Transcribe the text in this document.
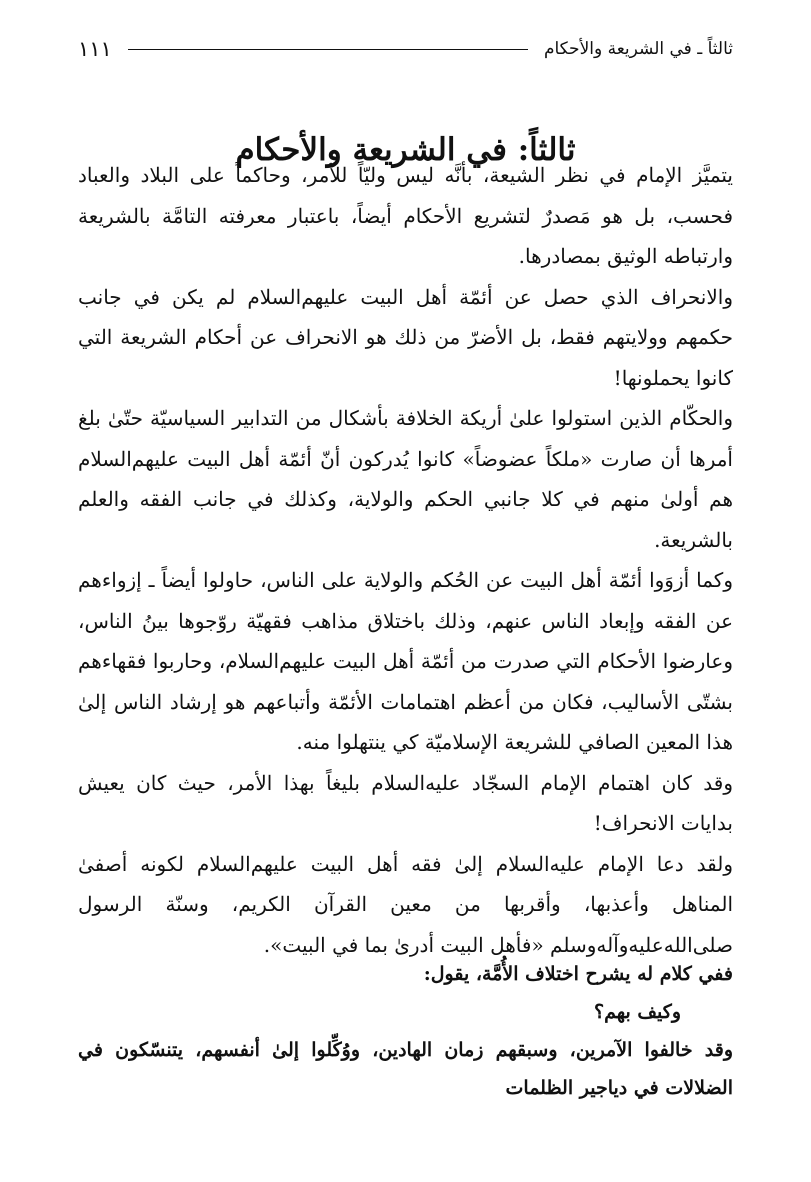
ثالثاً ـ في الشريعة والأحكام
١١١
ثالثاً: في الشريعة والأحكام

يتميَّز الإمام في نظر الشيعة، بأنَّه ليس وليّاً للأمر، وحاكماً على البلاد والعباد فحسب، بل هو مَصدرٌ لتشريع الأحكام أيضاً، باعتبار معرفته التامَّة بالشريعة وارتباطه الوثيق بمصادرها.

والانحراف الذي حصل عن أئمّة أهل البيت عليهم‌السلام لم يكن في جانب حكمهم وولايتهم فقط، بل الأضرّ من ذلك هو الانحراف عن أحكام الشريعة التي كانوا يحملونها!

والحكّام الذين استولوا علىٰ أريكة الخلافة بأشكال من التدابير السياسيّة حتّىٰ بلغ أمرها أن صارت «ملكاً عضوضاً» كانوا يُدركون أنّ أئمّة أهل البيت عليهم‌السلام هم أولىٰ منهم في كلا جانبي الحكم والولاية، وكذلك في جانب الفقه والعلم بالشريعة.

وكما أزوَوا أئمّة أهل البيت عن الحُكم والولاية على الناس، حاولوا أيضاً ـ إزواءهم عن الفقه وإبعاد الناس عنهم، وذلك باختلاق مذاهب فقهيّة روّجوها بينُ الناس، وعارضوا الأحكام التي صدرت من أئمّة أهل البيت عليهم‌السلام، وحاربوا فقهاءهم بشتّى الأساليب، فكان من أعظم اهتمامات الأئمّة وأتباعهم هو إرشاد الناس إلىٰ هذا المعين الصافي للشريعة الإسلاميّة كي ينتهلوا منه.

وقد كان اهتمام الإمام السجّاد عليه‌السلام بليغاً بهذا الأمر، حيث كان يعيش بدايات الانحراف!

ولقد دعا الإمام عليه‌السلام إلىٰ فقه أهل البيت عليهم‌السلام لكونه أصفىٰ المناهل وأعذبها، وأقربها من معين القرآن الكريم، وسنّة الرسول صلى‌الله‌عليه‌وآله‌وسلم «فأهل البيت أدرىٰ بما في البيت».

ففي كلام له يشرح اختلاف الأُمَّة، يقول:

وكيف بهم؟

وقد خالفوا الآمرين، وسبقهم زمان الهادين، ووُكِّلوا إلىٰ أنفسهم، يتنسّكون في الضلالات في دياجير الظلمات
